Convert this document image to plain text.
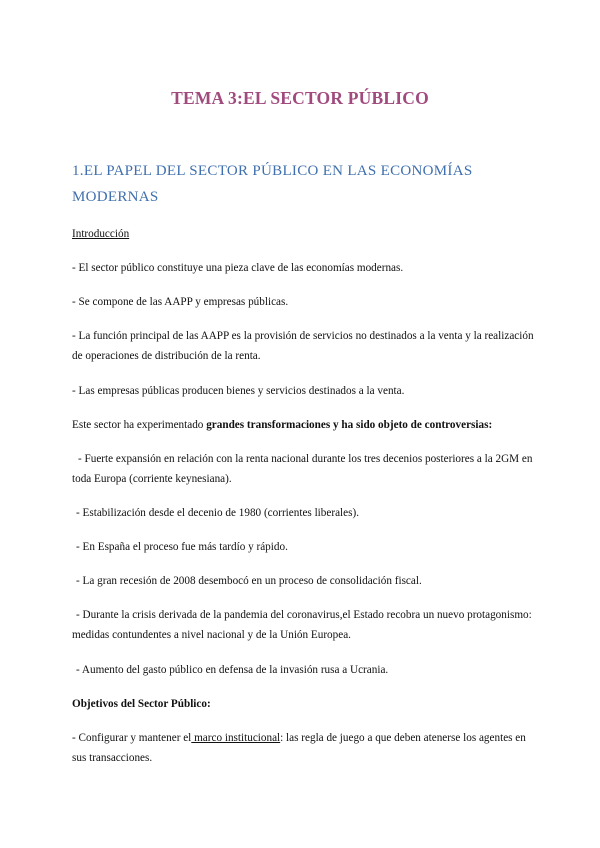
TEMA 3:EL SECTOR PÚBLICO
1.EL PAPEL DEL SECTOR PÚBLICO EN LAS ECONOMÍAS MODERNAS

Introducción

- El sector público constituye una pieza clave de las economías modernas.

- Se compone de las AAPP y empresas públicas.

- La función principal de las AAPP es la provisión de servicios no destinados a la venta y la realización de operaciones de distribución de la renta.

- Las empresas públicas producen bienes y servicios destinados a la venta.

Este sector ha experimentado grandes transformaciones y ha sido objeto de controversias:

- Fuerte expansión en relación con la renta nacional durante los tres decenios posteriores a la 2GM en toda Europa (corriente keynesiana).

- Estabilización desde el decenio de 1980 (corrientes liberales).

- En España el proceso fue más tardío y rápido.

- La gran recesión de 2008 desembocó en un proceso de consolidación fiscal.

- Durante la crisis derivada de la pandemia del coronavirus,el Estado recobra un nuevo protagonismo: medidas contundentes a nivel nacional y de la Unión Europea.

- Aumento del gasto público en defensa de la invasión rusa a Ucrania.

Objetivos del Sector Público:

- Configurar y mantener el marco institucional: las regla de juego a que deben atenerse los agentes en sus transacciones.
